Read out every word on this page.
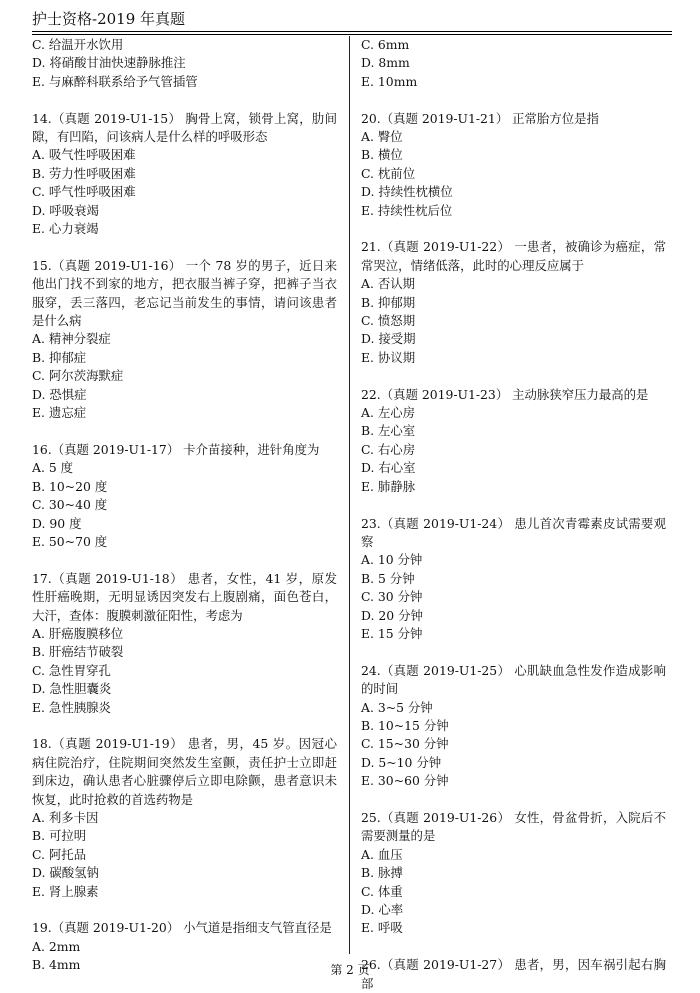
护士资格-2019 年真题
C. 给温开水饮用
D. 将硝酸甘油快速静脉推注
E. 与麻醉科联系给予气管插管
14.（真题 2019-U1-15） 胸骨上窝，锁骨上窝，肋间隙，有凹陷，问该病人是什么样的呼吸形态
A. 吸气性呼吸困难
B. 劳力性呼吸困难
C. 呼气性呼吸困难
D. 呼吸衰竭
E. 心力衰竭
15.（真题 2019-U1-16） 一个 78 岁的男子，近日来他出门找不到家的地方，把衣服当裤子穿，把裤子当衣服穿，丢三落四，老忘记当前发生的事情，请问该患者是什么病
A. 精神分裂症
B. 抑郁症
C. 阿尔茨海默症
D. 恐惧症
E. 遗忘症
16.（真题 2019-U1-17） 卡介苗接种，进针角度为
A. 5 度
B. 10~20 度
C. 30~40 度
D. 90 度
E. 50~70 度
17.（真题 2019-U1-18） 患者，女性，41 岁，原发性肝癌晚期，无明显诱因突发右上腹剧痛，面色苍白，大汗，查体：腹膜刺激征阳性，考虑为
A. 肝癌腹膜移位
B. 肝癌结节破裂
C. 急性胃穿孔
D. 急性胆囊炎
E. 急性胰腺炎
18.（真题 2019-U1-19） 患者，男，45 岁。因冠心病住院治疗，住院期间突然发生室颤，责任护士立即赶到床边，确认患者心脏骤停后立即电除颤，患者意识未恢复，此时抢救的首选药物是
A. 利多卡因
B. 可拉明
C. 阿托品
D. 碳酸氢钠
E. 肾上腺素
19.（真题 2019-U1-20） 小气道是指细支气管直径是
A. 2mm
B. 4mm
C. 6mm
D. 8mm
E. 10mm
20.（真题 2019-U1-21） 正常胎方位是指
A. 臀位
B. 横位
C. 枕前位
D. 持续性枕横位
E. 持续性枕后位
21.（真题 2019-U1-22） 一患者，被确诊为癌症，常常哭泣，情绪低落，此时的心理反应属于
A. 否认期
B. 抑郁期
C. 愤怒期
D. 接受期
E. 协议期
22.（真题 2019-U1-23） 主动脉狭窄压力最高的是
A. 左心房
B. 左心室
C. 右心房
D. 右心室
E. 肺静脉
23.（真题 2019-U1-24） 患儿首次青霉素皮试需要观察
A. 10 分钟
B. 5 分钟
C. 30 分钟
D. 20 分钟
E. 15 分钟
24.（真题 2019-U1-25） 心肌缺血急性发作造成影响的时间
A. 3~5 分钟
B. 10~15 分钟
C. 15~30 分钟
D. 5~10 分钟
E. 30~60 分钟
25.（真题 2019-U1-26） 女性，骨盆骨折，入院后不需要测量的是
A. 血压
B. 脉搏
C. 体重
D. 心率
E. 呼吸
26.（真题 2019-U1-27） 患者，男，因车祸引起右胸部
第 2 页
